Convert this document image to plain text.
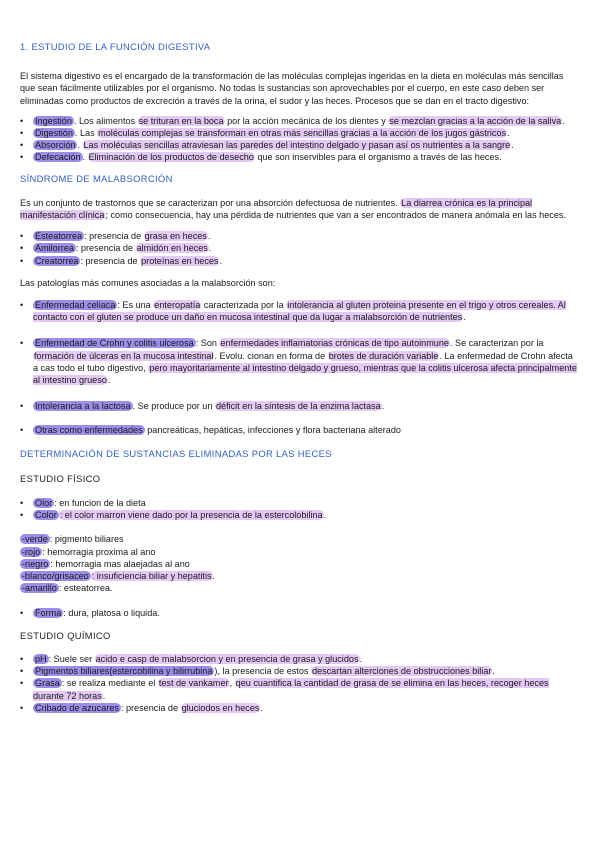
1. ESTUDIO DE LA FUNCIÓN DIGESTIVA

El sistema digestivo es el encargado de la transformación de las moléculas complejas ingeridas en la dieta en moléculas más sencillas que sean fácilmente utilizables por el organismo. No todas ls sustancias son aprovechables por el cuerpo, en este caso deben ser eliminadas como productos de excreción a través de la orina, el sudor y las heces. Procesos que se dan en el tracto digestivo:

• Ingestión . Los alimentos se trituran en la boca por la acción mecánica de los dientes y se mezclan gracias a la acción de la saliva.
• Digestión . Las moléculas complejas se transforman en otras más sencillas gracias a la acción de los jugos gástricos.
• Absorción . Las moléculas sencillas atraviesan las paredes del intestino delgado y pasan así os nutrientes a la sangre.
• Defecación . Eliminación de los productos de desecho que son inservibles para el organismo a través de las heces.
SÍNDROME DE MALABSORCIÓN

Es un conjunto de trastornos que se caracterizan por una absorción defectuosa de nutrientes. La diarrea crónica es la principal manifestación clínica; como consecuencia, hay una pérdida de nutrientes que van a ser encontrados de manera anómala en las heces.

• Esteatorrea : presencia de grasa en heces.
• Amilorrea : presencia de almidón en heces.
• Creatorrea : presencia de proteínas en heces.

Las patologías más comunes asociadas a la malabsorción son:

• Enfermedad celiaca : Es una enteropatía caracterizada por la intolerancia al gluten proteina presente en el trigo y otros cereales. Al contacto con el gluten se produce un daño en mucosa intestinal que da lugar a malabsorción de nutrientes.
• Enfermedad de Crohn y colitis ulcerosa : Son enfermedades inflamatorias crónicas de tipo autoinmune. Se caracterizan por la formación de úlceras en la mucosa intestinal. Evolu. cionan en forma de brotes de duración variable. La enfermedad de Crohn afecta a cas todo el tubo digestivo, pero mayoritariamente al intestino delgado y grueso, mientras que la colitis ulcerosa afecta principalmente al intestino grueso.
• Intolerancia a la lactosa . Se produce por un déficit en la síntesis de la enzima lactasa.
• Otras como enfermedades pancreáticas, hepáticas, infecciones y flora bacteriana alterado
DETERMINACIÓN DE SUSTANCIAS ELIMINADAS POR LAS HECES
ESTUDIO FÍSICO
• Olor : en funcion de la dieta
• Color : el color marron viene dado por la presencia de la estercolobilina.
-verde : pigmento biliares
-rojo : hemorragia proxima al ano
-negro : hemorragia mas alaejadas al ano
-blanco/grisaceo : insuficiencia biliar y hepatitis.
-amarillo : esteatorrea.
• Forma : dura, platosa o liquida.
ESTUDIO QUÍMICO
• pH : Suele ser acido e casp de malabsorcion y en presencia de grasa y glucidos.
• Pigmentos biliares(estercobilina y bilirrubina ), la presencia de estos descartan alterciones de obstrucciones biliar.
• Grasa : se realiza mediante el test de vankamer, qeu cuantifica la cantidad de grasa de se elimina en las heces, recoger heces durante 72 horas.
• Cribado de azucares : presencia de gluciodos en heces.
